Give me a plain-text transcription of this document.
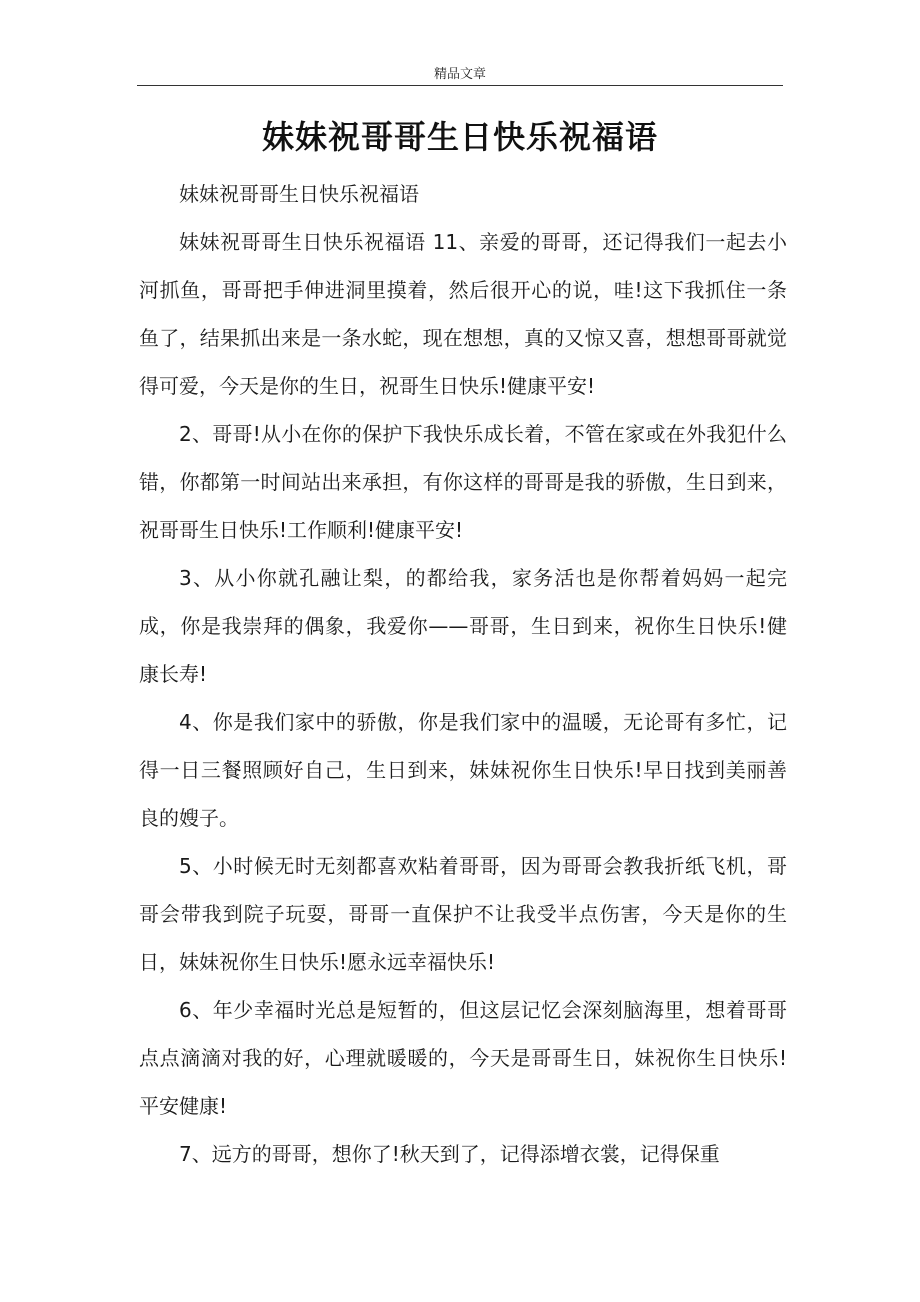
精品文章
妹妹祝哥哥生日快乐祝福语

妹妹祝哥哥生日快乐祝福语

妹妹祝哥哥生日快乐祝福语 11、亲爱的哥哥，还记得我们一起去小河抓鱼，哥哥把手伸进洞里摸着，然后很开心的说，哇!这下我抓住一条鱼了，结果抓出来是一条水蛇，现在想想，真的又惊又喜，想想哥哥就觉得可爱，今天是你的生日，祝哥生日快乐!健康平安!

2、哥哥!从小在你的保护下我快乐成长着，不管在家或在外我犯什么错，你都第一时间站出来承担，有你这样的哥哥是我的骄傲，生日到来，祝哥哥生日快乐!工作顺利!健康平安!

3、从小你就孔融让梨，的都给我，家务活也是你帮着妈妈一起完成，你是我崇拜的偶象，我爱你——哥哥，生日到来，祝你生日快乐!健康长寿!

4、你是我们家中的骄傲，你是我们家中的温暖，无论哥有多忙，记得一日三餐照顾好自己，生日到来，妹妹祝你生日快乐!早日找到美丽善良的嫂子。

5、小时候无时无刻都喜欢粘着哥哥，因为哥哥会教我折纸飞机，哥哥会带我到院子玩耍，哥哥一直保护不让我受半点伤害，今天是你的生日，妹妹祝你生日快乐!愿永远幸福快乐!

6、年少幸福时光总是短暂的，但这层记忆会深刻脑海里，想着哥哥点点滴滴对我的好，心理就暖暖的，今天是哥哥生日，妹祝你生日快乐!平安健康!

7、远方的哥哥，想你了!秋天到了，记得添增衣裳，记得保重
